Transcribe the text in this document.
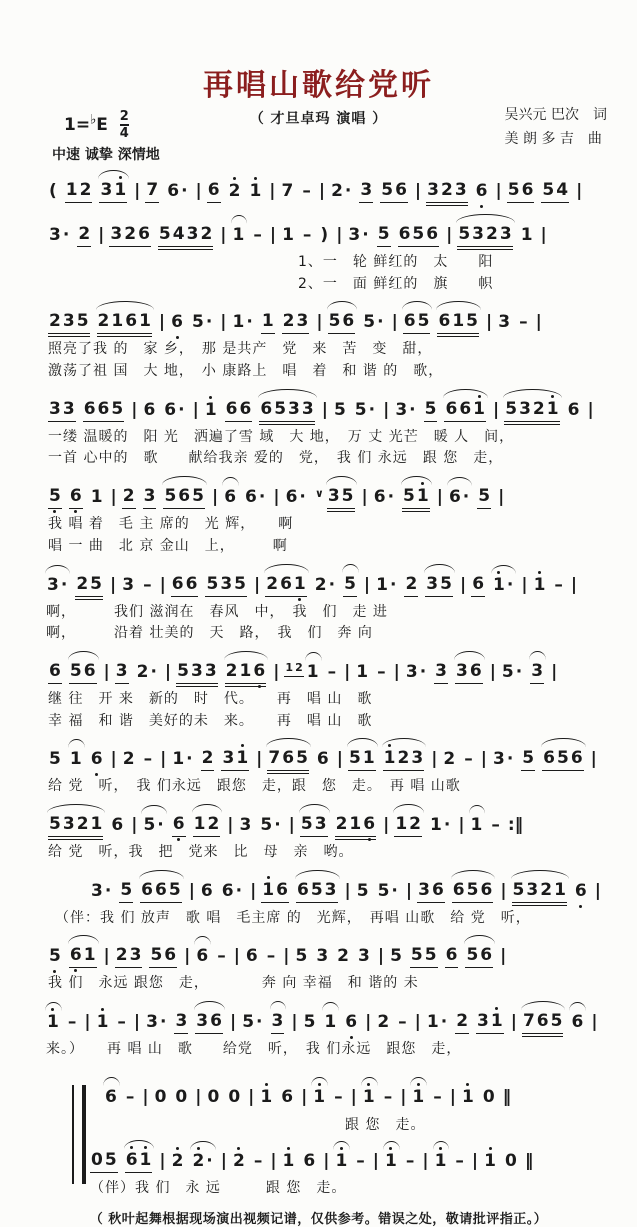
再唱山歌给党听
（ 才旦卓玛 演唱 ）	吴兴元 巴次　词
美 朗 多 吉　曲
$1=^♭E \frac{2}{4}$
中速 诚挚 深情地
( 1 2 3 1 | 7 6 · | 6 2 1 | 7 – | 2 · 3 5 6 | 3 2 3 6 | 5 6 5 4 |
3 · 2 | 3 2 6 5 4 3 2 | 1 – | 1 – ) | 3 · 5 6 5 6 | 5 3 2 3 1 |
1、一　轮 鲜红的　太　　阳
2、一　面 鲜红的　旗　　帜
2 3 5 2 1 6 1 | 6 5 · | 1 · 1 2 3 | 5 6 5 · | 6 5 6 1 5 | 3 – |
照亮了我 的　家 乡，　那 是共产　党　来　苦　变　甜，
激荡了祖 国　大 地，　小 康路上　唱　着　和 谐 的　歌，
3 3 6 6 5 | 6 6 · | 1 6 6 6 5 3 3 | 5 5 · | 3 · 5 6 6 1 | 5 3 2 1 6 |
一缕 温暖的　阳 光　洒遍了雪 域　大 地，　万 丈 光芒　暖 人　间，
一首 心中的　歌　　献给我亲 爱的　党，　我 们 永远　跟 您　走，
5 6 1 | 2 3 5 6 5 | 6 6 · | 6 · ∨ 3 5 | 6 · 5 1 | 6 · 5 |
我 唱 着　毛 主 席的　光 辉，　　啊
唱 一 曲　北 京 金山　上，　　　啊
3 · 2 5 | 3 – | 6 6 5 3 5 | 2 6 1 2 · 5 | 1 · 2 3 5 | 6 1 · | 1 – |
啊，　　　我们 滋润在　春风　中，　我　们　走 进
啊，　　　沿着 壮美的　天　路，　我　们　奔 向
6 5 6 | 3 2 · | 5 3 3 2 1 6 | 1 2 1 – | 1 – | 3 · 3 3 6 | 5 · 3 |
继 往　开 来　新的　时　代。　　再　唱 山　歌
幸 福　和 谐　美好的未　来。　　再　唱 山　歌
5 1 6 | 2 – | 1 · 2 3 1 | 7 6 5 6 | 5 1 1 2 3 | 2 – | 3 · 5 6 5 6 |
给 党　听，　我 们永远　跟您　走，跟　您　走。　再 唱 山歌
5 3 2 1 6 | 5 · 6 1 2 | 3 5 · | 5 3 2 1 6 | 1 2 1 · | 1 – :‖
给 党　听，我　把　党来　比　母　亲　哟。
3 · 5 6 6 5 | 6 6 · | 1 6 6 5 3 | 5 5 · | 3 6 6 5 6 | 5 3 2 1 6 |
（伴：我 们 放声　歌 唱　毛主席 的　光辉，　再唱 山歌　给 党　听，
5 6 1 | 2 3 5 6 | 6 – | 6 – | 5 3 2 3 | 5 5 5 6 5 6 |
我 们　永远 跟您　走，　　　　奔 向 幸福　和 谐的 未
1 – | 1 – | 3 · 3 3 6 | 5 · 3 | 5 1 6 | 2 – | 1 · 2 3 1 | 7 6 5 6 |
来。）　　再 唱 山　歌　　给党　听，　我 们永远　跟您　走，
6 – | 0 0 | 0 0 | 1 6 | 1 – | 1 – | 1 – | 1 0 ‖
跟 您　走。
0 5 6 1 | 2 2 · | 2 – | 1 6 | 1 – | 1 – | 1 – | 1 0 ‖
（伴）我 们　永 远　　　跟 您　走。
（ 秋叶起舞根据现场演出视频记谱，仅供参考。错误之处，敬请批评指正。）
